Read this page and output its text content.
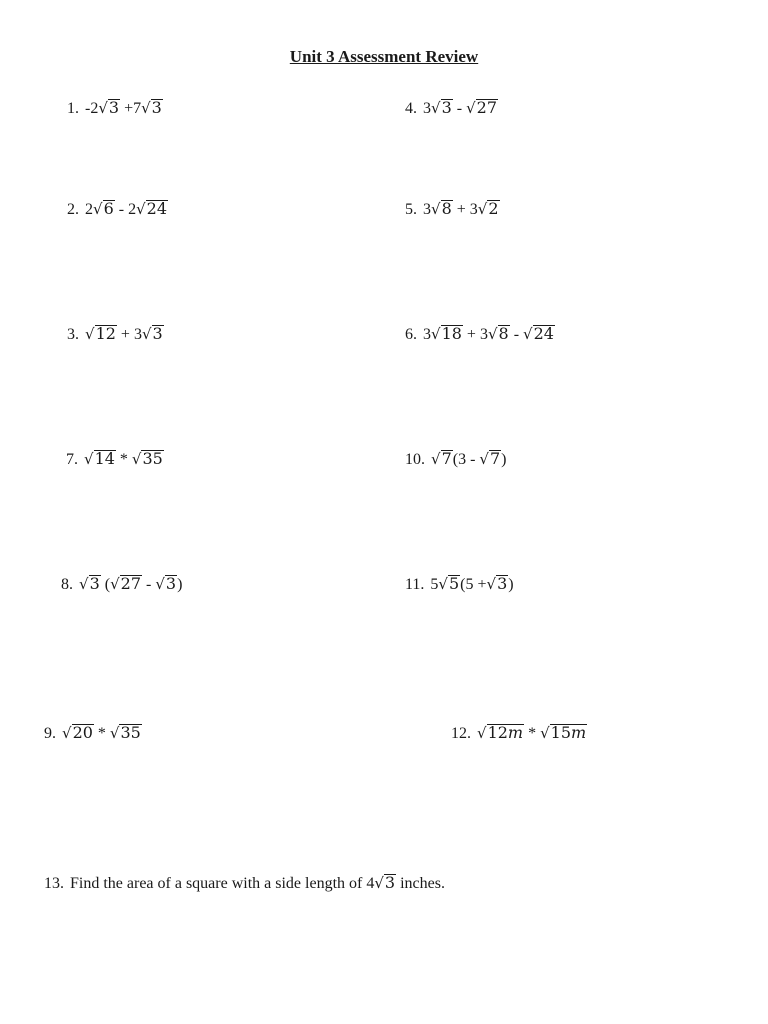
Unit 3 Assessment Review
1. -2√3 +7√3
2. 2√6 - 2√24
3. √12 + 3√3
4. 3√3 - √27
5. 3√8 + 3√2
6. 3√18 + 3√8 - √24
7. √14 * √35
8. √3 (√27 - √3)
9. √20 * √35
10. √7(3 - √7)
11. 5√5(5 +√3)
12. √12m * √15m
13. Find the area of a square with a side length of 4√3 inches.
